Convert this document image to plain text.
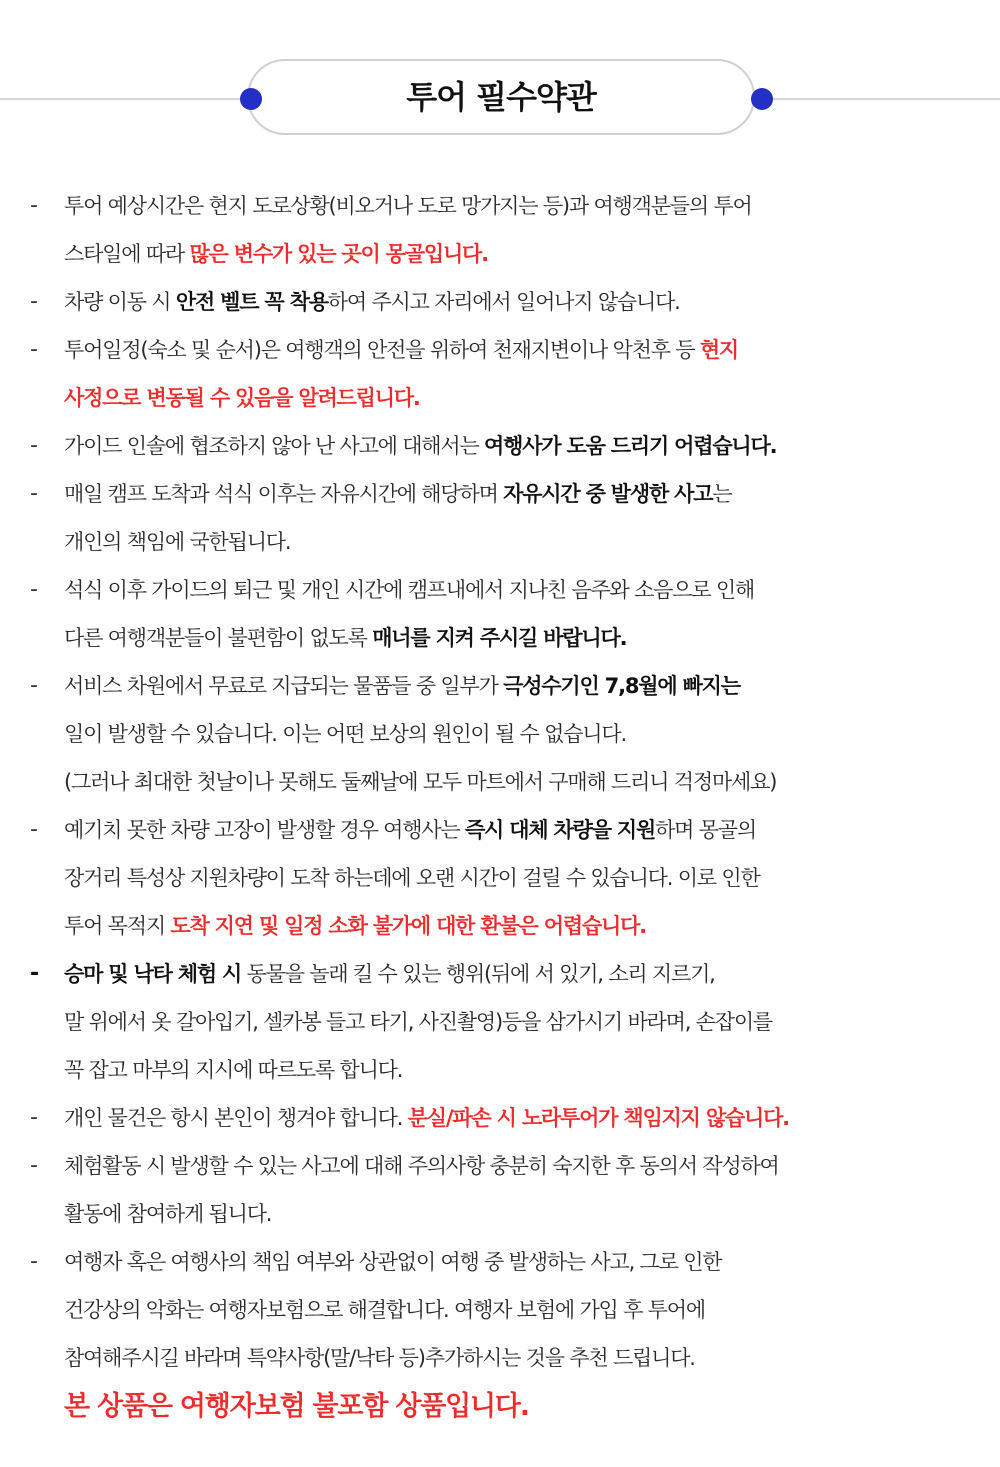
투어 필수약관
- 투어 예상시간은 현지 도로상황(비오거나 도로 망가지는 등)과 여행객분들의 투어
스타일에 따라 많은 변수가 있는 곳이 몽골입니다.
- 차량 이동 시 안전 벨트 꼭 착용하여 주시고 자리에서 일어나지 않습니다.
- 투어일정(숙소 및 순서)은 여행객의 안전을 위하여 천재지변이나 악천후 등 현지
사정으로 변동될 수 있음을 알려드립니다.
- 가이드 인솔에 협조하지 않아 난 사고에 대해서는 여행사가 도움 드리기 어렵습니다.
- 매일 캠프 도착과 석식 이후는 자유시간에 해당하며 자유시간 중 발생한 사고는
개인의 책임에 국한됩니다.
- 석식 이후 가이드의 퇴근 및 개인 시간에 캠프내에서 지나친 음주와 소음으로 인해
다른 여행객분들이 불편함이 없도록 매너를 지켜 주시길 바랍니다.
- 서비스 차원에서 무료로 지급되는 물품들 중 일부가 극성수기인 7,8월에 빠지는
일이 발생할 수 있습니다. 이는 어떤 보상의 원인이 될 수 없습니다.
(그러나 최대한 첫날이나 못해도 둘째날에 모두 마트에서 구매해 드리니 걱정마세요)
- 예기치 못한 차량 고장이 발생할 경우 여행사는 즉시 대체 차량을 지원하며 몽골의
장거리 특성상 지원차량이 도착 하는데에 오랜 시간이 걸릴 수 있습니다. 이로 인한
투어 목적지 도착 지연 및 일정 소화 불가에 대한 환불은 어렵습니다.
- 승마 및 낙타 체험 시 동물을 놀래 킬 수 있는 행위(뒤에 서 있기, 소리 지르기,
말 위에서 옷 갈아입기, 셀카봉 들고 타기, 사진촬영)등을 삼가시기 바라며, 손잡이를
꼭 잡고 마부의 지시에 따르도록 합니다.
- 개인 물건은 항시 본인이 챙겨야 합니다. 분실/파손 시 노라투어가 책임지지 않습니다.
- 체험활동 시 발생할 수 있는 사고에 대해 주의사항 충분히 숙지한 후 동의서 작성하여
활동에 참여하게 됩니다.
- 여행자 혹은 여행사의 책임 여부와 상관없이 여행 중 발생하는 사고, 그로 인한
건강상의 악화는 여행자보험으로 해결합니다. 여행자 보험에 가입 후 투어에
참여해주시길 바라며 특약사항(말/낙타 등)추가하시는 것을 추천 드립니다.
본 상품은 여행자보험 불포함 상품입니다.
